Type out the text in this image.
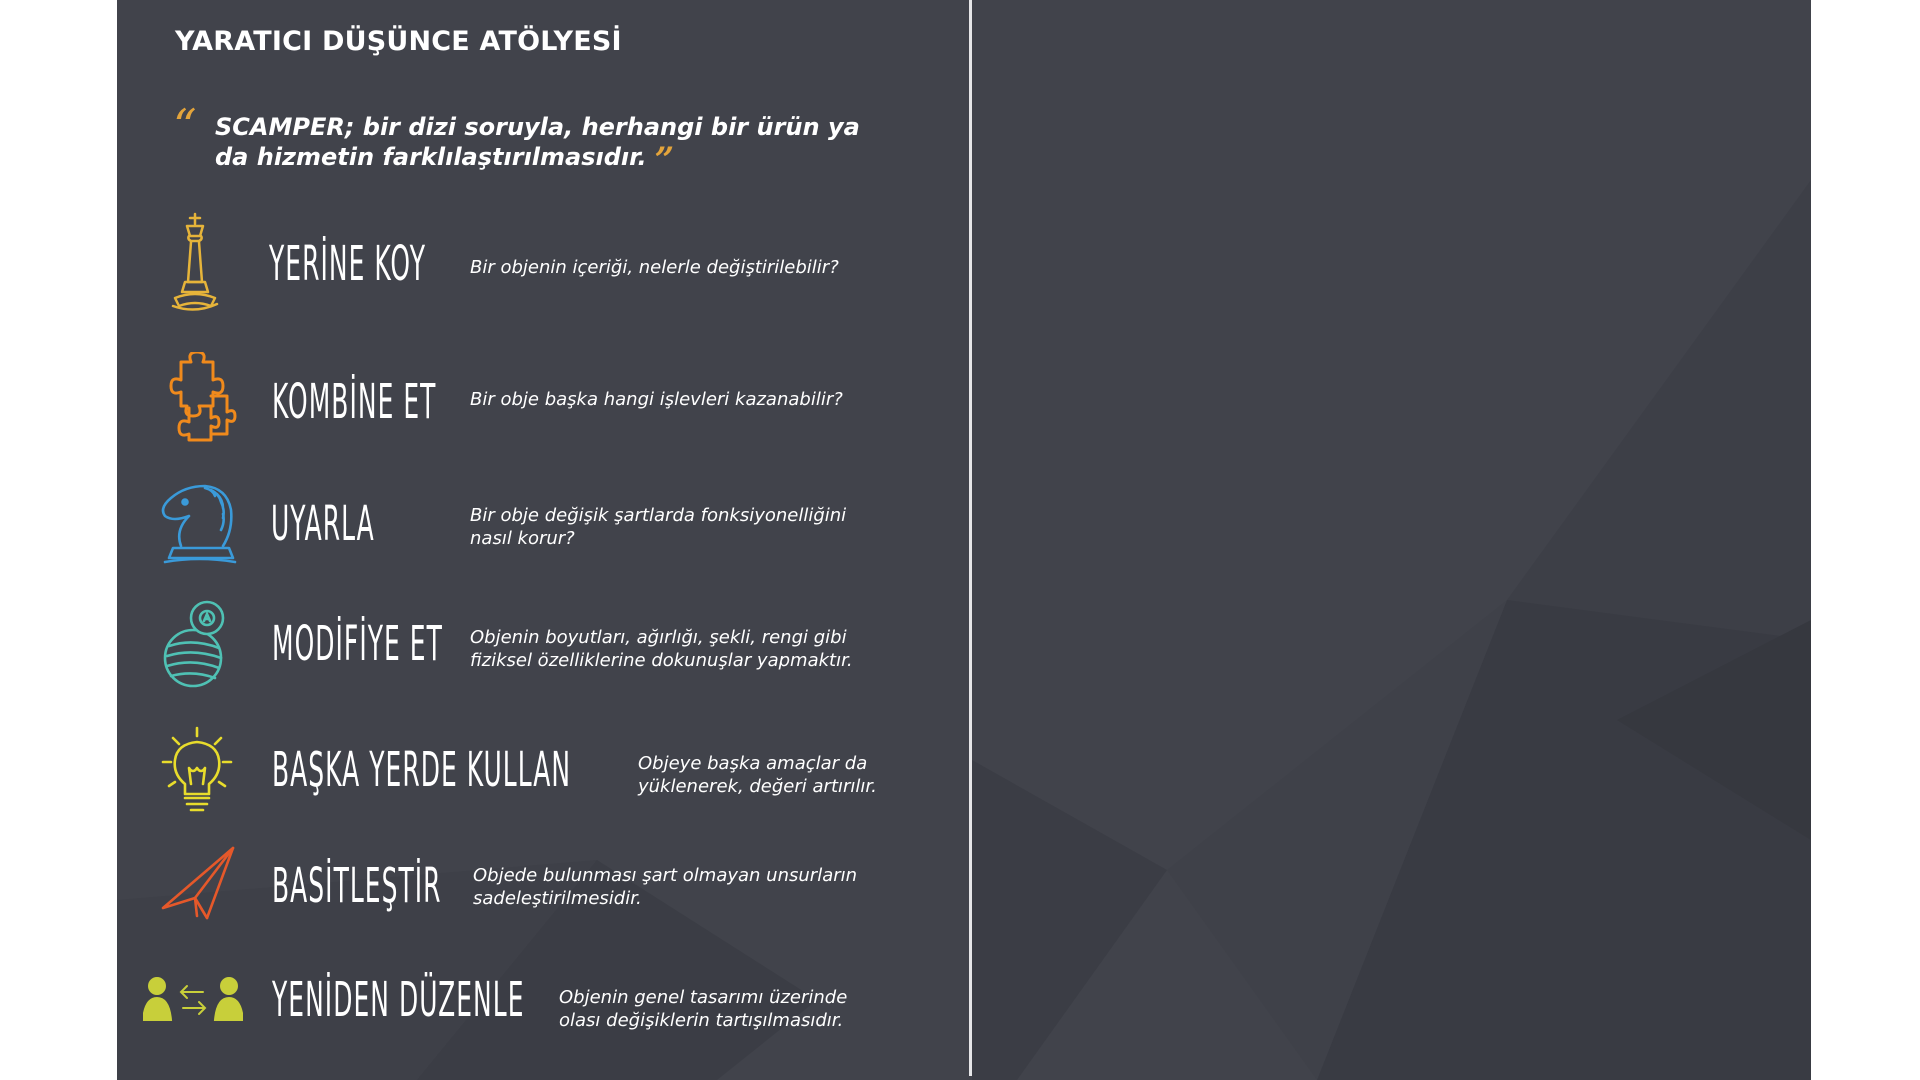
YARATICI DÜŞÜNCE ATÖLYESİ
“ SCAMPER; bir dizi soruyla, herhangi bir ürün ya da hizmetin farklılaştırılmasıdır. ”
YERİNE KOY Bir objenin içeriği, nelerle değiştirilebilir?
KOMBİNE ET Bir obje başka hangi işlevleri kazanabilir?
UYARLA	Bir obje değişik şartlarda fonksiyonelliğini nasıl korur?
MODİFİYE ET Objenin boyutları, ağırlığı, şekli, rengi gibi fiziksel özelliklerine dokunuşlar yapmaktır.
BAŞKA YERDE KULLAN	Objeye başka amaçlar da yüklenerek, değeri artırılır.
BASİTLEŞTİR Objede bulunması şart olmayan unsurların sadeleştirilmesidir.
YENİDEN DÜZENLE Objenin genel tasarımı üzerinde olası değişiklerin tartışılmasıdır.
